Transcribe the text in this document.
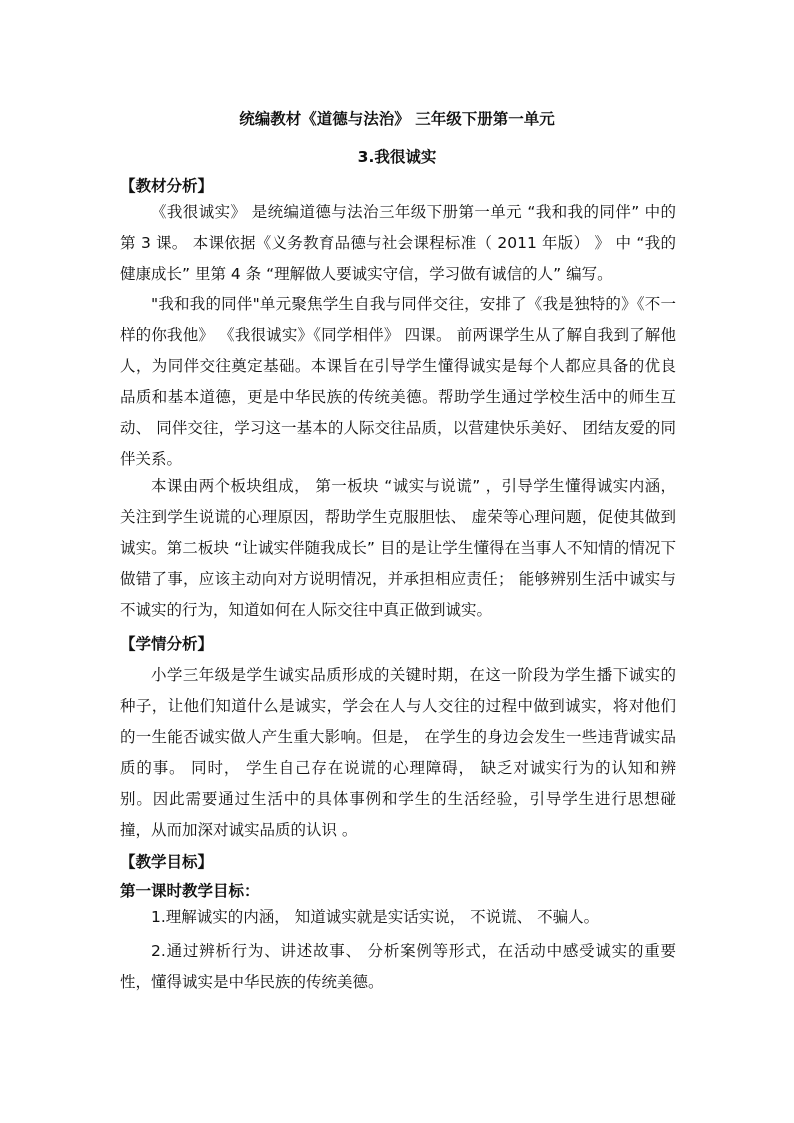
统编教材《道德与法治》 三年级下册第一单元
3.我很诚实
【教材分析】

《我很诚实》 是统编道德与法治三年级下册第一单元 “我和我的同伴” 中的第 3 课。 本课依据《义务教育品德与社会课程标准（ 2011 年版） 》 中 “我的健康成长” 里第 4 条 “理解做人要诚实守信，学习做有诚信的人” 编写。

"我和我的同伴"单元聚焦学生自我与同伴交往，安排了《我是独特的》《不一样的你我他》 《我很诚实》《同学相伴》 四课。 前两课学生从了解自我到了解他人，为同伴交往奠定基础。本课旨在引导学生懂得诚实是每个人都应具备的优良品质和基本道德，更是中华民族的传统美德。帮助学生通过学校生活中的师生互动、 同伴交往，学习这一基本的人际交往品质，以营建快乐美好、 团结友爱的同伴关系。

本课由两个板块组成， 第一板块 “诚实与说谎” ，引导学生懂得诚实内涵，关注到学生说谎的心理原因，帮助学生克服胆怯、 虚荣等心理问题，促使其做到诚实。第二板块 “让诚实伴随我成长” 目的是让学生懂得在当事人不知情的情况下做错了事，应该主动向对方说明情况，并承担相应责任； 能够辨别生活中诚实与不诚实的行为，知道如何在人际交往中真正做到诚实。

【学情分析】

小学三年级是学生诚实品质形成的关键时期，在这一阶段为学生播下诚实的种子，让他们知道什么是诚实，学会在人与人交往的过程中做到诚实，将对他们的一生能否诚实做人产生重大影响。但是， 在学生的身边会发生一些违背诚实品质的事。 同时， 学生自己存在说谎的心理障碍， 缺乏对诚实行为的认知和辨别。因此需要通过生活中的具体事例和学生的生活经验，引导学生进行思想碰撞，从而加深对诚实品质的认识 。

【教学目标】
第一课时教学目标：

1.理解诚实的内涵， 知道诚实就是实话实说， 不说谎、 不骗人。

2.通过辨析行为、讲述故事、 分析案例等形式，在活动中感受诚实的重要性，懂得诚实是中华民族的传统美德。
